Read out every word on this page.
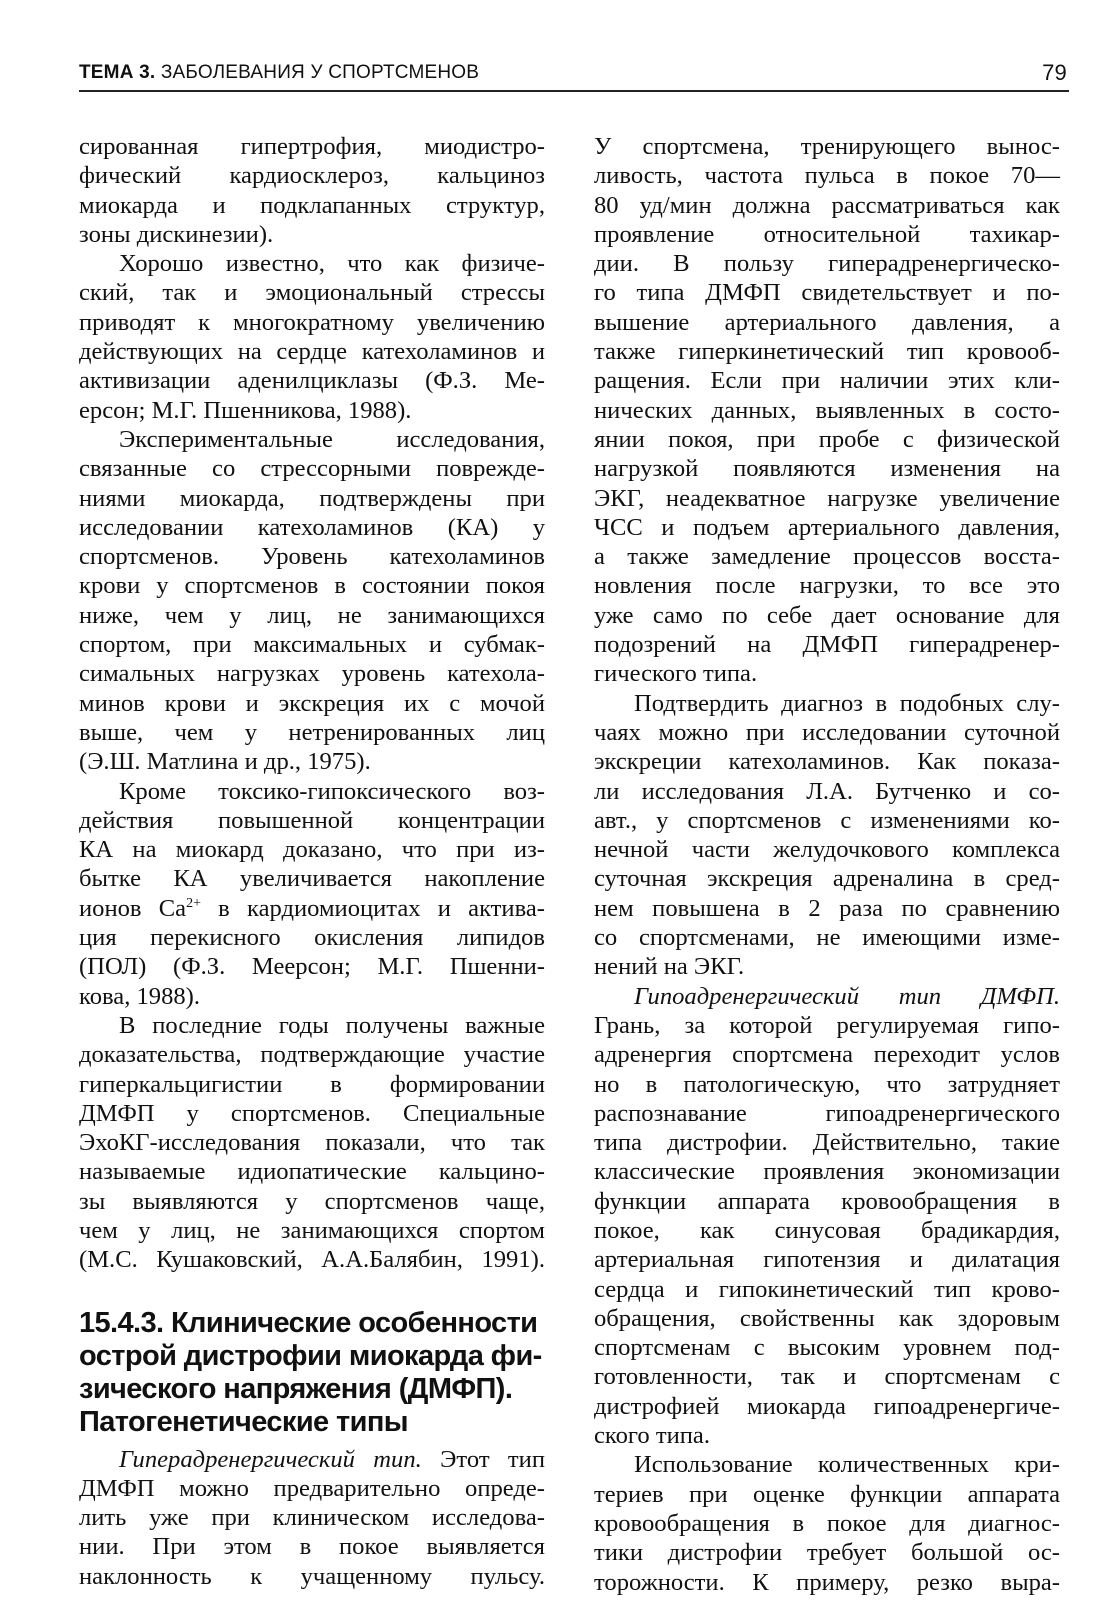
ТЕМА 3. ЗАБОЛЕВАНИЯ У СПОРТСМЕНОВ	79

сированная гипертрофия, миодистро-

фический кардиосклероз, кальциноз

миокарда и подклапанных структур,

зоны дискинезии).

Хорошо известно, что как физиче-

ский, так и эмоциональный стрессы

приводят к многократному увеличению

действующих на сердце катехоламинов и

активизации аденилциклазы (Ф.З. Ме-

ерсон; М.Г. Пшенникова, 1988).

Экспериментальные исследования,

связанные со стрессорными поврежде-

ниями миокарда, подтверждены при

исследовании катехоламинов (КА) у

спортсменов. Уровень катехоламинов

крови у спортсменов в состоянии покоя

ниже, чем у лиц, не занимающихся

спортом, при максимальных и субмак-

симальных нагрузках уровень катехола-

минов крови и экскреция их с мочой

выше, чем у нетренированных лиц

(Э.Ш. Матлина и др., 1975).

Кроме токсико-гипоксического воз-

действия повышенной концентрации

КА на миокард доказано, что при из-

бытке КА увеличивается накопление

ионов $Ca^{2+}$ в кардиомиоцитах и актива-

ция перекисного окисления липидов

(ПОЛ) (Ф.З. Меерсон; М.Г. Пшенни-

кова, 1988).

В последние годы получены важные

доказательства, подтверждающие участие

гиперкальцигистии в формировании

ДМФП у спортсменов. Специальные

ЭхоКГ-исследования показали, что так

называемые идиопатические кальцино-

зы выявляются у спортсменов чаще,

чем у лиц, не занимающихся спортом

(М.С. Кушаковский, А.А.Балябин, 1991).

15.4.3. Клинические особенности
острой дистрофии миокарда фи-
зического напряжения (ДМФП).
Патогенетические типы

Гиперадренергический тип. Этот тип

ДМФП можно предварительно опреде-

лить уже при клиническом исследова-

нии. При этом в покое выявляется

наклонность к учащенному пульсу.

У спортсмена, тренирующего вынос-

ливость, частота пульса в покое 70—

80 уд/мин должна рассматриваться как

проявление относительной тахикар-

дии. В пользу гиперадренергическо-

го типа ДМФП свидетельствует и по-

вышение артериального давления, а

также гиперкинетический тип кровооб-

ращения. Если при наличии этих кли-

нических данных, выявленных в состо-

янии покоя, при пробе с физической

нагрузкой появляются изменения на

ЭКГ, неадекватное нагрузке увеличение

ЧСС и подъем артериального давления,

а также замедление процессов восста-

новления после нагрузки, то все это

уже само по себе дает основание для

подозрений на ДМФП гиперадренер-

гического типа.

Подтвердить диагноз в подобных слу-

чаях можно при исследовании суточной

экскреции катехоламинов. Как показа-

ли исследования Л.А. Бутченко и со-

авт., у спортсменов с изменениями ко-

нечной части желудочкового комплекса

суточная экскреция адреналина в сред-

нем повышена в 2 раза по сравнению

со спортсменами, не имеющими изме-

нений на ЭКГ.

Гипоадренергический тип ДМФП.

Грань, за которой регулируемая гипо-

адренергия спортсмена переходит услов

но в патологическую, что затрудняет

распознавание гипоадренергического

типа дистрофии. Действительно, такие

классические проявления экономизации

функции аппарата кровообращения в

покое, как синусовая брадикардия,

артериальная гипотензия и дилатация

сердца и гипокинетический тип крово-

обращения, свойственны как здоровым

спортсменам с высоким уровнем под-

готовленности, так и спортсменам с

дистрофией миокарда гипоадренергиче-

ского типа.

Использование количественных кри-

териев при оценке функции аппарата

кровообращения в покое для диагнос-

тики дистрофии требует большой ос-

торожности. К примеру, резко выра-
